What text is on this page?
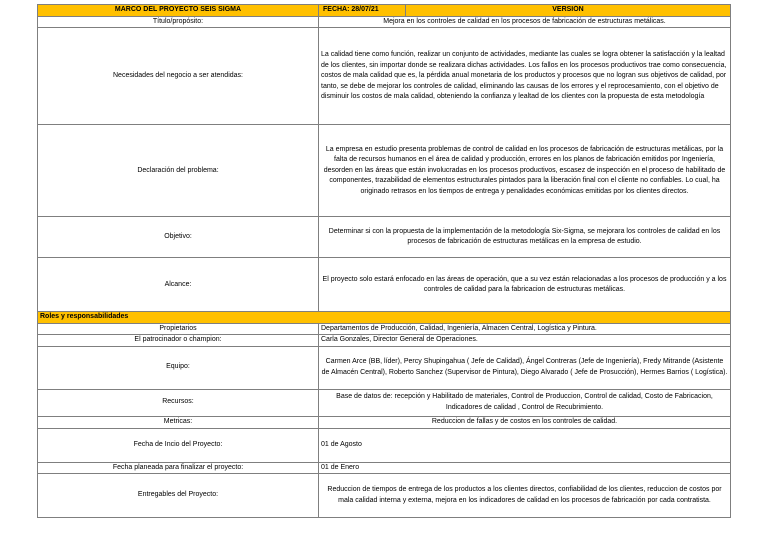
MARCO DEL PROYECTO SEIS SIGMA	FECHA: 28/07/21	VERSIÓN
Título/propósito:	Mejora en los controles de calidad en los procesos de fabricación de estructuras metálicas.	
Necesidades del negocio a ser atendidas:	La calidad tiene como función, realizar un conjunto de actividades, mediante las cuales se logra obtener la satisfacción y la lealtad de los clientes, sin importar donde se realizara dichas actividades. Los fallos en los procesos productivos trae como consecuencia, costos de mala calidad que es, la pérdida anual monetaria de los productos y procesos que no logran sus objetivos de calidad, por tanto, se debe de mejorar los controles de calidad, eliminando las causas de los errores y el reprocesamiento, con el objetivo de disminuir los costos de mala calidad, obteniendo la confianza y lealtad de los clientes con la propuesta de esta metodología	
Declaración del problema:	La empresa en estudio presenta problemas de control de calidad en los procesos de fabricación de estructuras metálicas, por la falta de recursos humanos en el área de calidad y producción, errores en los planos de fabricación emitidos por Ingeniería, desorden en las áreas que están involucradas en los procesos productivos, escasez de inspección en el proceso de habilitado de componentes, trazabilidad de elementos estructurales pintados para la liberación final con el cliente no confiables. Lo cual, ha originado retrasos en los tiempos de entrega y penalidades económicas emitidas por los clientes directos.	
Objetivo:	Determinar si con la propuesta de la implementación de la metodología Six-Sigma, se mejorara los controles de calidad en los procesos de fabricación de estructuras metálicas en la empresa de estudio.	
Alcance:	El proyecto solo estará enfocado en las áreas de operación, que a su vez están relacionadas a los procesos de producción y a los controles de calidad para la fabricacion de estructuras metálicas.	
Roles y responsabilidades		
Propietarios	Departamentos de Producción, Calidad, Ingeniería, Almacen Central, Logística y Pintura.	
El patrocinador o champion:	Carla Gonzales, Director General de Operaciones.	
Equipo:	Carmen Arce (BB, líder), Percy Shupingahua ( Jefe de Calidad), Ángel Contreras (Jefe de Ingeniería), Fredy Mitrande (Asistente de Almacén Central), Roberto Sanchez (Supervisor de Pintura), Diego Alvarado ( Jefe de Prosucción), Hermes Barrios ( Logística).	
Recursos:	Base de datos de: recepción y Habilitado de materiales, Control de Produccion, Control de calidad, Costo de Fabricacion, Indicadores de calidad , Control de Recubrimiento.	
Metricas:	Reduccion de fallas y de costos en los controles de calidad.	
Fecha de Incio del Proyecto:	01 de Agosto	
Fecha planeada para finalizar el proyecto:	01 de Enero	
Entregables del Proyecto:	Reduccion de tiempos de entrega de los productos a los clientes directos, confiabilidad de los clientes, reduccion de costos por mala calidad interna y externa, mejora en los indicadores de calidad en los procesos de fabricación por cada contratista.	
